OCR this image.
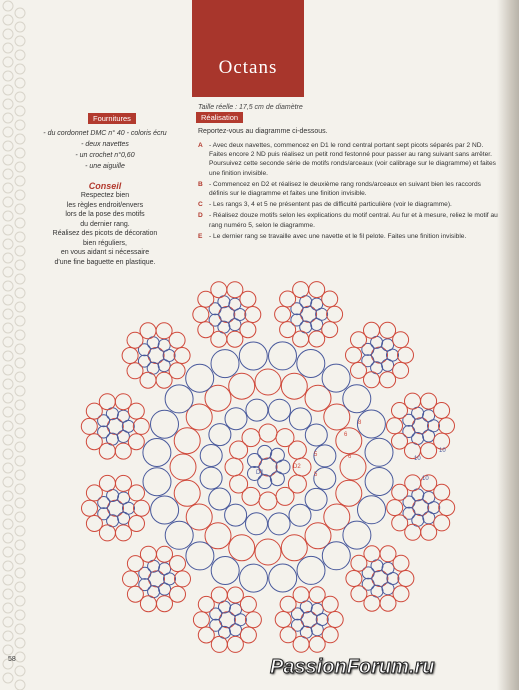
Octans
Taille réelle : 17,5 cm de diamètre
Fournitures
- du cordonnet DMC n° 40 - coloris écru
- deux navettes
- un crochet n°0,60
- une aiguille
Conseil
Respectez bien
les règles endroit/envers
lors de la pose des motifs
du dernier rang.
Réalisez des picots de décoration
bien réguliers,
en vous aidant si nécessaire
d'une fine baguette en plastique.
Réalisation
Reportez-vous au diagramme ci-dessous.
A - Avec deux navettes, commencez en D1 le rond central portant sept picots séparés par 2 ND. Faites encore 2 ND puis réalisez un petit rond festonné pour passer au rang suivant sans arrêter. Poursuivez cette seconde série de motifs ronds/arceaux (voir calibrage sur le diagramme) et faites une finition invisible.
B - Commencez en D2 et réalisez le deuxième rang ronds/arceaux en suivant bien les raccords définis sur le diagramme et faites une finition invisible.
C - Les rangs 3, 4 et 5 ne présentent pas de difficulté particulière (voir le diagramme).
D - Réalisez douze motifs selon les explications du motif central. Au fur et à mesure, reliez le motif au rang numéro 5, selon le diagramme.
E - Le dernier rang se travaille avec une navette et le fil pelote. Faites une finition invisible.
D1
D2
10
10
10
8
6
6
5
5
58	PassionForum.ru
